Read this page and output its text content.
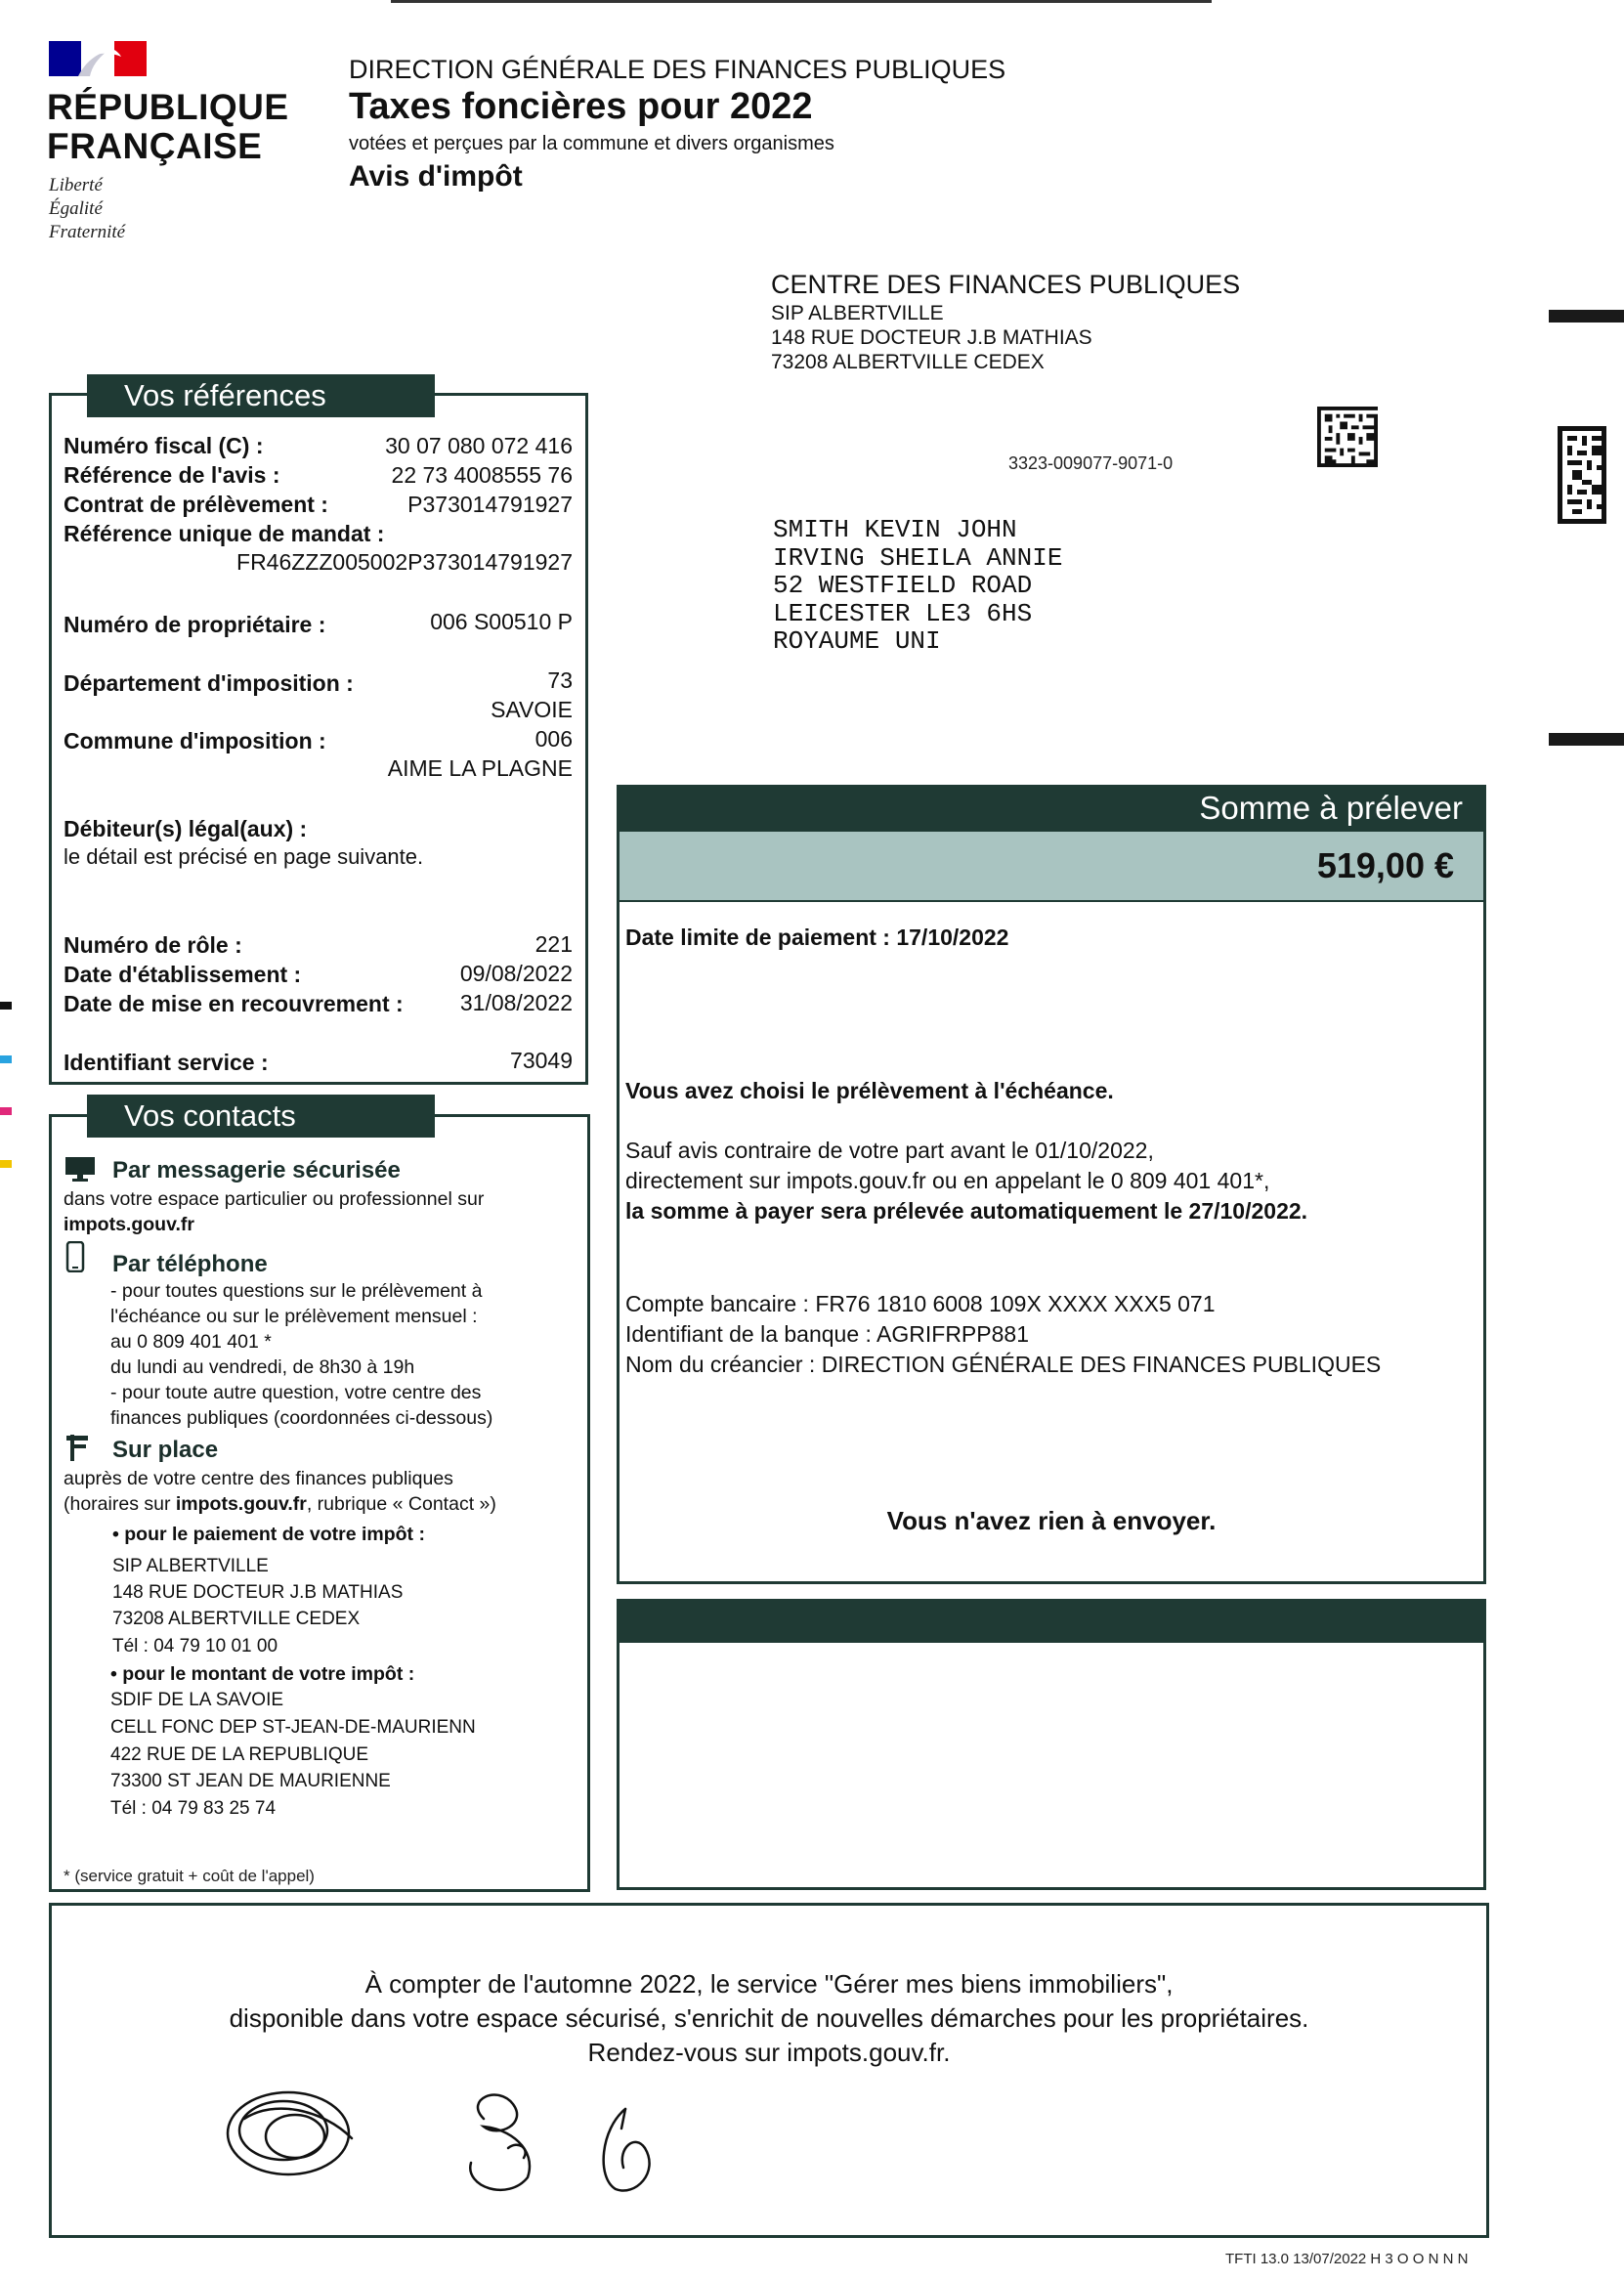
RÉPUBLIQUE
FRANÇAISE
Liberté
Égalité
Fraternité
DIRECTION GÉNÉRALE DES FINANCES PUBLIQUES
Taxes foncières pour 2022
votées et perçues par la commune et divers organismes
Avis d'impôt
CENTRE DES FINANCES PUBLIQUES
SIP ALBERTVILLE
148 RUE DOCTEUR J.B MATHIAS
73208 ALBERTVILLE CEDEX
3323-009077-9071-0
SMITH KEVIN JOHN
IRVING SHEILA ANNIE
52 WESTFIELD ROAD
LEICESTER LE3 6HS
ROYAUME UNI
Vos références
Numéro fiscal (C) :	30 07 080 072 416
Référence de l'avis :	22 73 4008555 76
Contrat de prélèvement :	P373014791927
Référence unique de mandat :
FR46ZZZ005002P373014791927
Numéro de propriétaire :	006 S00510 P
Département d'imposition :	73
SAVOIE
Commune d'imposition :	006
AIME LA PLAGNE
Débiteur(s) légal(aux) :
le détail est précisé en page suivante.
Numéro de rôle :	221
Date d'établissement :	09/08/2022
Date de mise en recouvrement :	31/08/2022
Identifiant service :	73049
Vos contacts
Par messagerie sécurisée
dans votre espace particulier ou professionnel sur
impots.gouv.fr
Par téléphone
- pour toutes questions sur le prélèvement à
l'échéance ou sur le prélèvement mensuel :
au 0 809 401 401 *
du lundi au vendredi, de 8h30 à 19h
- pour toute autre question, votre centre des
finances publiques (coordonnées ci-dessous)
Sur place
auprès de votre centre des finances publiques
(horaires sur impots.gouv.fr, rubrique « Contact »)
• pour le paiement de votre impôt :
SIP ALBERTVILLE
148 RUE DOCTEUR J.B MATHIAS
73208 ALBERTVILLE CEDEX
Tél : 04 79 10 01 00
• pour le montant de votre impôt :
SDIF DE LA SAVOIE
CELL FONC DEP ST-JEAN-DE-MAURIENN
422 RUE DE LA REPUBLIQUE
73300 ST JEAN DE MAURIENNE
Tél : 04 79 83 25 74
* (service gratuit + coût de l'appel)
Somme à prélever
519,00 €
Date limite de paiement : 17/10/2022
Vous avez choisi le prélèvement à l'échéance.
Sauf avis contraire de votre part avant le 01/10/2022,
directement sur impots.gouv.fr ou en appelant le 0 809 401 401*,
la somme à payer sera prélevée automatiquement le 27/10/2022.
Compte bancaire : FR76 1810 6008 109X XXXX XXX5 071
Identifiant de la banque : AGRIFRPP881
Nom du créancier : DIRECTION GÉNÉRALE DES FINANCES PUBLIQUES
Vous n'avez rien à envoyer.
À compter de l'automne 2022, le service "Gérer mes biens immobiliers",
disponible dans votre espace sécurisé, s'enrichit de nouvelles démarches pour les propriétaires.
Rendez-vous sur impots.gouv.fr.
TFTI 13.0 13/07/2022 H 3 O O N N N
